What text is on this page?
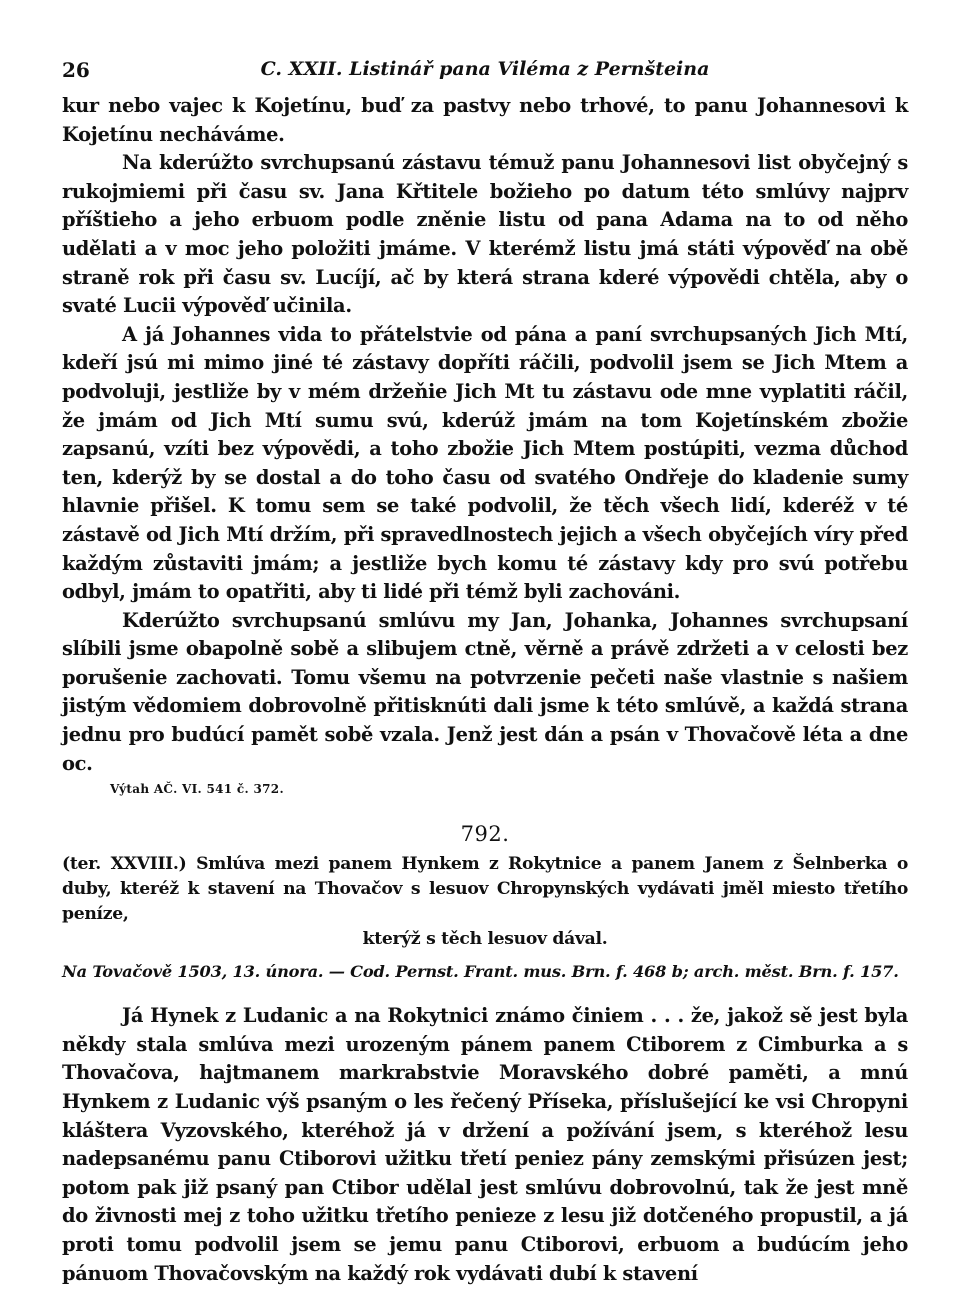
26	C. XXII. Listinář pana Viléma z Pernšteina

kur nebo vajec k Kojetínu, buď za pastvy nebo trhové, to panu Johannesovi k Kojetínu necháváme.

Na kderúžto svrchupsanú zástavu témuž panu Johannesovi list obyčejný s rukojmiemi při času sv. Jana Křtitele božieho po datum této smlúvy najprv příštieho a jeho erbuom podle zněnie listu od pana Adama na to od něho udělati a v moc jeho položiti jmáme. V kterémž listu jmá státi výpověď na obě straně rok při času sv. Lucíjí, ač by která strana kderé výpovědi chtěla, aby o svaté Lucii výpověď učinila.

A já Johannes vida to přátelstvie od pána a paní svrchupsaných Jich Mtí, kdeří jsú mi mimo jiné té zástavy dopříti ráčili, podvolil jsem se Jich Mtem a podvoluji, jestliže by v mém držeňie Jich Mt tu zástavu ode mne vyplatiti ráčil, že jmám od Jich Mtí sumu svú, kderúž jmám na tom Kojetínském zbožie zapsanú, vzíti bez výpovědi, a toho zbožie Jich Mtem postúpiti, vezma důchod ten, kderýž by se dostal a do toho času od svatého Ondřeje do kladenie sumy hlavnie přišel. K tomu sem se také podvolil, že těch všech lidí, kderéž v té zástavě od Jich Mtí držím, při spravedlnostech jejich a všech obyčejích víry před každým zůstaviti jmám; a jestliže bych komu té zástavy kdy pro svú potřebu odbyl, jmám to opatřiti, aby ti lidé při témž byli zachováni.

Kderúžto svrchupsanú smlúvu my Jan, Johanka, Johannes svrchupsaní slíbili jsme obapolně sobě a slibujem ctně, věrně a právě zdržeti a v celosti bez porušenie zachovati. Tomu všemu na potvrzenie pečeti naše vlastnie s našiem jistým vědomiem dobrovolně přitisknúti dali jsme k této smlúvě, a každá strana jednu pro budúcí pamět sobě vzala. Jenž jest dán a psán v Thovačově léta a dne oc.

Výtah AČ. VI. 541 č. 372.
792.
(ter. XXVIII.) Smlúva mezi panem Hynkem z Rokytnice a panem Janem z Šelnberka o duby, kteréž k stavení na Thovačov s lesuov Chropynských vydávati jměl miesto třetího peníze,
kterýž s těch lesuov dával.
Na Tovačově 1503, 13. února. — Cod. Pernst. Frant. mus. Brn. f. 468 b; arch. měst. Brn. f. 157.

Já Hynek z Ludanic a na Rokytnici známo činiem . . . že, jakož sě jest byla někdy stala smlúva mezi urozeným pánem panem Ctiborem z Cimburka a s Thovačova, hajtmanem markrabstvie Moravského dobré paměti, a mnú Hynkem z Ludanic výš psaným o les řečený Příseka, příslušející ke vsi Chropyni kláštera Vyzovského, kteréhož já v držení a požívání jsem, s kteréhož lesu nadepsanému panu Ctiborovi užitku třetí peniez pány zemskými přisúzen jest; potom pak již psaný pan Ctibor udělal jest smlúvu dobrovolnú, tak že jest mně do živnosti mej z toho užitku třetího penieze z lesu již dotčeného propustil, a já proti tomu podvolil jsem se jemu panu Ctiborovi, erbuom a budúcím jeho pánuom Thovačovským na každý rok vydávati dubí k stavení
